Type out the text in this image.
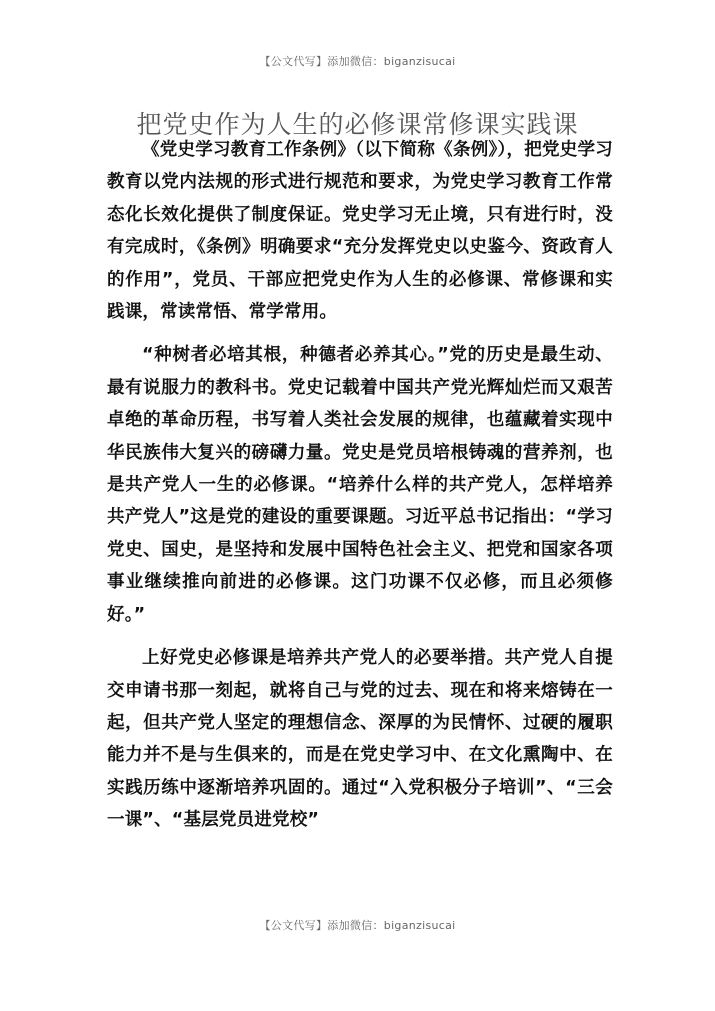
【公文代写】添加微信：biganzisucai
把党史作为人生的必修课常修课实践课

《党史学习教育工作条例》（以下简称《条例》），把党史学习教育以党内法规的形式进行规范和要求，为党史学习教育工作常态化长效化提供了制度保证。党史学习无止境，只有进行时，没有完成时，《条例》明确要求“充分发挥党史以史鉴今、资政育人的作用”，党员、干部应把党史作为人生的必修课、常修课和实践课，常读常悟、常学常用。

“种树者必培其根，种德者必养其心。”党的历史是最生动、最有说服力的教科书。党史记载着中国共产党光辉灿烂而又艰苦卓绝的革命历程，书写着人类社会发展的规律，也蕴藏着实现中华民族伟大复兴的磅礴力量。党史是党员培根铸魂的营养剂，也是共产党人一生的必修课。“培养什么样的共产党人，怎样培养共产党人”这是党的建设的重要课题。习近平总书记指出：“学习党史、国史，是坚持和发展中国特色社会主义、把党和国家各项事业继续推向前进的必修课。这门功课不仅必修，而且必须修好。”

上好党史必修课是培养共产党人的必要举措。共产党人自提交申请书那一刻起，就将自己与党的过去、现在和将来熔铸在一起，但共产党人坚定的理想信念、深厚的为民情怀、过硬的履职能力并不是与生俱来的，而是在党史学习中、在文化熏陶中、在实践历练中逐渐培养巩固的。通过“入党积极分子培训”、“三会一课”、“基层党员进党校”

【公文代写】添加微信：biganzisucai
